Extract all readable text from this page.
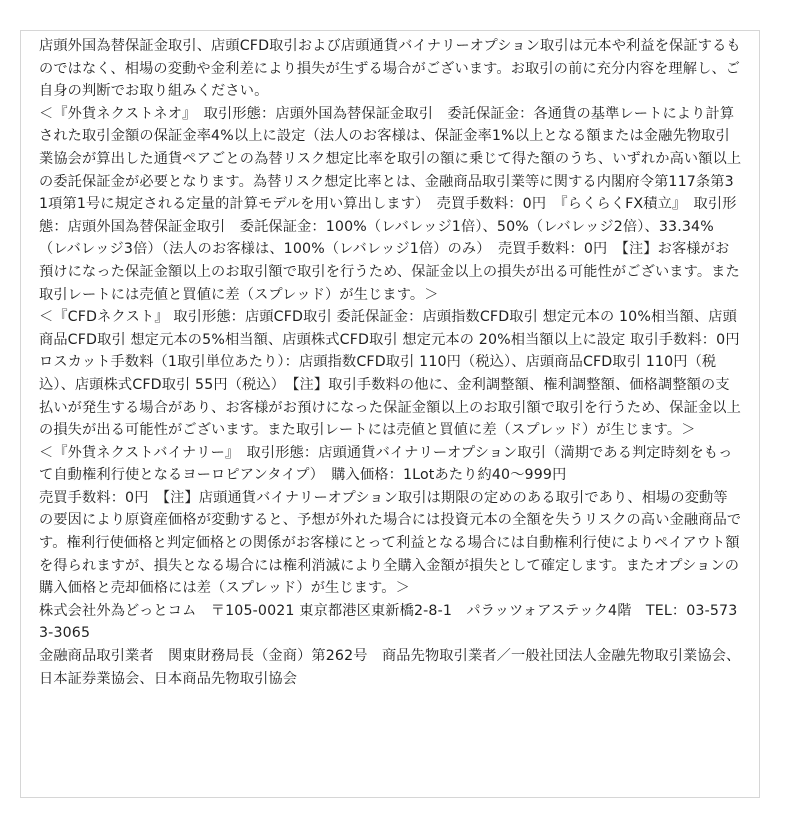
店頭外国為替保証金取引、店頭CFD取引および店頭通貨バイナリーオプション取引は元本や利益を保証するものではなく、相場の変動や金利差により損失が生ずる場合がございます。お取引の前に充分内容を理解し、ご自身の判断でお取り組みください。

＜『外貨ネクストネオ』　取引形態：店頭外国為替保証金取引　委託保証金：各通貨の基準レートにより計算された取引金額の保証金率4%以上に設定（法人のお客様は、保証金率1%以上となる額または金融先物取引業協会が算出した通貨ペアごとの為替リスク想定比率を取引の額に乗じて得た額のうち、いずれか高い額以上の委託保証金が必要となります。為替リスク想定比率とは、金融商品取引業等に関する内閣府令第117条第31項第1号に規定される定量的計算モデルを用い算出します）　売買手数料：0円　『らくらくFX積立』　取引形態：店頭外国為替保証金取引　委託保証金：100%（レバレッジ1倍）、50%（レバレッジ2倍）、33.34%（レバレッジ3倍）（法人のお客様は、100%（レバレッジ1倍）のみ）　売買手数料：0円　【注】お客様がお預けになった保証金額以上のお取引額で取引を行うため、保証金以上の損失が出る可能性がございます。また取引レートには売値と買値に差（スプレッド）が生じます。＞

＜『CFDネクスト』 取引形態：店頭CFD取引 委託保証金：店頭指数CFD取引 想定元本の 10%相当額、店頭商品CFD取引 想定元本の5%相当額、店頭株式CFD取引 想定元本の 20%相当額以上に設定 取引手数料：0円 ロスカット手数料（1取引単位あたり）：店頭指数CFD取引 110円（税込）、店頭商品CFD取引 110円（税込）、店頭株式CFD取引 55円（税込）　【注】取引手数料の他に、金利調整額、権利調整額、価格調整額の支払いが発生する場合があり、お客様がお預けになった保証金額以上のお取引額で取引を行うため、保証金以上の損失が出る可能性がございます。また取引レートには売値と買値に差（スプレッド）が生じます。＞

＜『外貨ネクストバイナリー』　取引形態：店頭通貨バイナリーオプション取引（満期である判定時刻をもって自動権利行使となるヨーロピアンタイプ）　購入価格：1Lotあたり約40～999円

売買手数料：0円　【注】店頭通貨バイナリーオプション取引は期限の定めのある取引であり、相場の変動等の要因により原資産価格が変動すると、予想が外れた場合には投資元本の全額を失うリスクの高い金融商品です。権利行使価格と判定価格との関係がお客様にとって利益となる場合には自動権利行使によりペイアウト額を得られますが、損失となる場合には権利消滅により全購入金額が損失として確定します。またオプションの購入価格と売却価格には差（スプレッド）が生じます。＞

株式会社外為どっとコム　〒105-0021 東京都港区東新橋2-8-1　パラッツォアステック4階　TEL：03-5733-3065

金融商品取引業者　関東財務局長（金商）第262号　商品先物取引業者／一般社団法人金融先物取引業協会、日本証券業協会、日本商品先物取引協会
